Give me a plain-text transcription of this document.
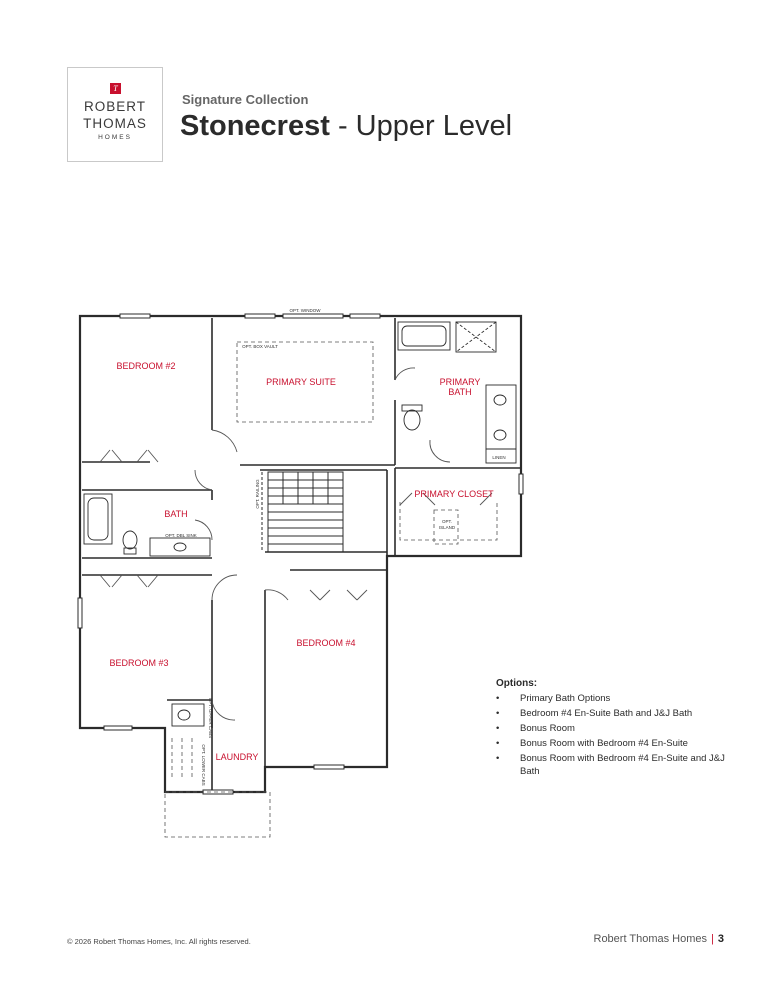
T
ROBERT
THOMAS
HOMES
Signature Collection
Stonecrest - Upper Level
BEDROOM #2
PRIMARY SUITE	PRIMARY
BATH
BATH
PRIMARY CLOSET
BEDROOM #3
BEDROOM #4
LAUNDRY
OPT. WINDOW
OPT. BOX VAULT
OPT. DBL SINK
OPT.
ISLAND
LINEN
OPT. RAILING
OPT. UPPER CABS
OPT. LOWER CABS
Options:
• Primary Bath Options
• Bedroom #4 En-Suite Bath and J&J Bath
• Bonus Room
• Bonus Room with Bedroom #4 En-Suite
• Bonus Room with Bedroom #4 En-Suite and J&J Bath
© 2026 Robert Thomas Homes, Inc. All rights reserved.	Robert Thomas Homes | 3
